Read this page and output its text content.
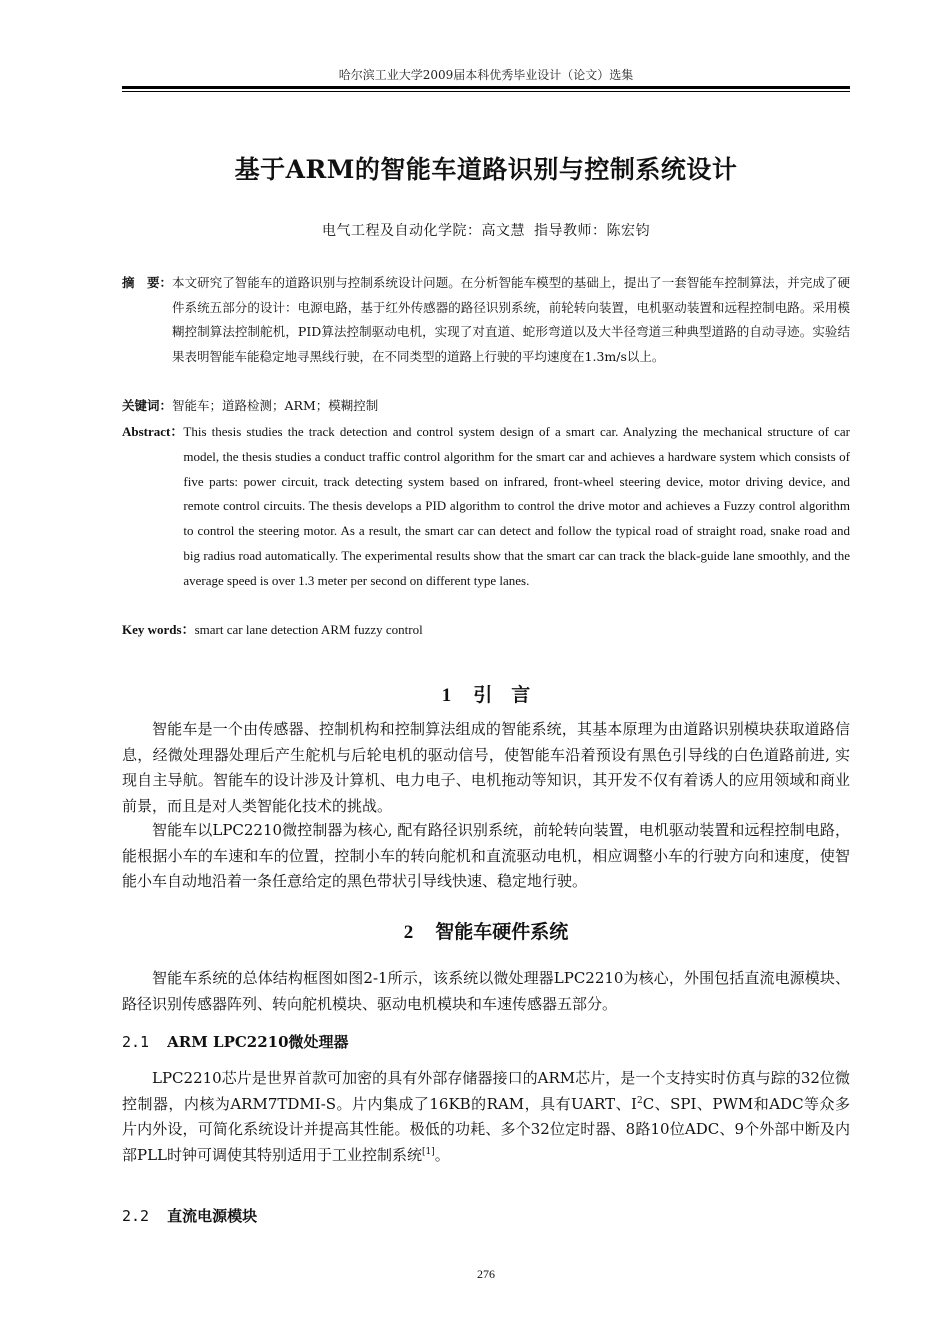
哈尔滨工业大学2009届本科优秀毕业设计（论文）选集
基于ARM的智能车道路识别与控制系统设计
电气工程及自动化学院：高文慧 指导教师：陈宏钧
摘　要： 本文研究了智能车的道路识别与控制系统设计问题。在分析智能车模型的基础上，提出了一套智能车控制算法，并完成了硬件系统五部分的设计：电源电路，基于红外传感器的路径识别系统，前轮转向装置，电机驱动装置和远程控制电路。采用模糊控制算法控制舵机，PID算法控制驱动电机，实现了对直道、蛇形弯道以及大半径弯道三种典型道路的自动寻迹。实验结果表明智能车能稳定地寻黑线行驶，在不同类型的道路上行驶的平均速度在1.3m/s以上。
关键词：智能车；道路检测；ARM；模糊控制
Abstract： This thesis studies the track detection and control system design of a smart car. Analyzing the mechanical structure of car model, the thesis studies a conduct traffic control algorithm for the smart car and achieves a hardware system which consists of five parts: power circuit, track detecting system based on infrared, front-wheel steering device, motor driving device, and remote control circuits. The thesis develops a PID algorithm to control the drive motor and achieves a Fuzzy control algorithm to control the steering motor. As a result, the smart car can detect and follow the typical road of straight road, snake road and big radius road automatically. The experimental results show that the smart car can track the black-guide lane smoothly, and the average speed is over 1.3 meter per second on different type lanes.
Key words：smart car lane detection ARM fuzzy control
1 引　言

智能车是一个由传感器、控制机构和控制算法组成的智能系统，其基本原理为由道路识别模块获取道路信息，经微处理器处理后产生舵机与后轮电机的驱动信号，使智能车沿着预设有黑色引导线的白色道路前进, 实现自主导航。智能车的设计涉及计算机、电力电子、电机拖动等知识，其开发不仅有着诱人的应用领域和商业前景，而且是对人类智能化技术的挑战。

智能车以LPC2210微控制器为核心, 配有路径识别系统，前轮转向装置，电机驱动装置和远程控制电路，能根据小车的车速和车的位置，控制小车的转向舵机和直流驱动电机，相应调整小车的行驶方向和速度，使智能小车自动地沿着一条任意给定的黑色带状引导线快速、稳定地行驶。

2 智能车硬件系统

智能车系统的总体结构框图如图2-1所示，该系统以微处理器LPC2210为核心，外围包括直流电源模块、路径识别传感器阵列、转向舵机模块、驱动电机模块和车速传感器五部分。

2.1 ARM LPC2210微处理器

LPC2210芯片是世界首款可加密的具有外部存储器接口的ARM芯片，是一个支持实时仿真与踪的32位微控制器，内核为ARM7TDMI-S。片内集成了16KB的RAM，具有UART、$I^2C$、SPI、PWM和ADC等众多片内外设，可简化系统设计并提高其性能。极低的功耗、多个32位定时器、8路10位ADC、9个外部中断及内部PLL时钟可调使其特别适用于工业控制系统[1]。

2.2 直流电源模块
276
